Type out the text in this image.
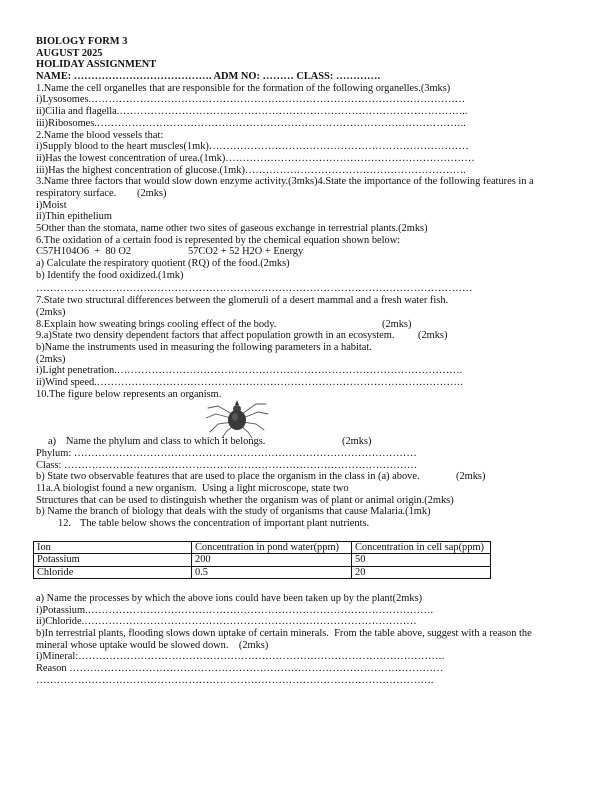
BIOLOGY FORM 3
AUGUST 2025
HOLIDAY ASSIGNMENT
NAME: …………………………………. ADM NO: ……… CLASS: ………….
1.Name the cell organelles that are responsible for the formation of the following organelles.(3mks)
i)Lysosomes.………………………………………………………………………………………………
ii)Cilia and flagella.………………………………………………………………………………………..
iii)Ribosomes.……………………………………………………………………………………………..
2.Name the blood vessels that:
i)Supply blood to the heart muscles(1mk)…………………………………………………………………
ii)Has the lowest concentration of urea.(1mk)………………………………………………………………
iii)Has the highest concentration of glucose.(1mk)……………………………………………………….
3.Name three factors that would slow down enzyme activity.(3mks)4.State the importance of the following features in a
respiratory surface.        (2mks)
i)Moist
ii)Thin epithelium
5Other than the stomata, name other two sites of gaseous exchange in terrestrial plants.(2mks)
6.The oxidation of a certain food is represented by the chemical equation shown below:
C57H104O6  +  80 O2	57CO2 + 52 H2O + Energy
a) Calculate the respiratory quotient (RQ) of the food.(2mks)
b) Identify the food oxidized.(1mk)
………………………………………………………………………………………………………………
7.State two structural differences between the glomeruli of a desert mammal and a fresh water fish.
(2mks)
8.Explain how sweating brings cooling effect of the body.	(2mks)
9.a)State two density dependent factors that affect population growth in an ecosystem. (2mks)
b)Name the instruments used in measuring the following parameters in a habitat.
(2mks)
i)Light penetration.……………………………………………………………………………………….
ii)Wind speed.…………………………………………………………………………………………….
10.The figure below represents an organism.
a) Name the phylum and class to which it belongs.	(2mks)
Phylum: ………………………………………………………………………………………
Class: …………………………………………………………………………………………
b) State two observable features that are used to place the organism in the class in (a) above.	(2mks)
11a.A biologist found a new organism.  Using a light microscope, state two
Structures that can be used to distinguish whether the organism was of plant or animal origin.(2mks)
b) Name the branch of biology that deals with the study of organisms that cause Malaria.(1mk)
12. The table below shows the concentration of important plant nutrients.
Ion	Concentration in pond water(ppm)	Concentration in cell sap(ppm)
Potassium	200	50
Chloride	0.5	20
a) Name the processes by which the above ions could have been taken up by the plant(2mks)
i)Potassium.……………………………………………………………………………………….
ii)Chloride.……………………………………………………………………………………
b)In terrestrial plants, flooding slows down uptake of certain minerals.  From the table above, suggest with a reason the
mineral whose uptake would be slowed down.    (2mks)
i)Mineral:…………………………………………………………………………………………….
Reason ………………………………………………………………………………………………
…………………………………………………………………………………………………….
